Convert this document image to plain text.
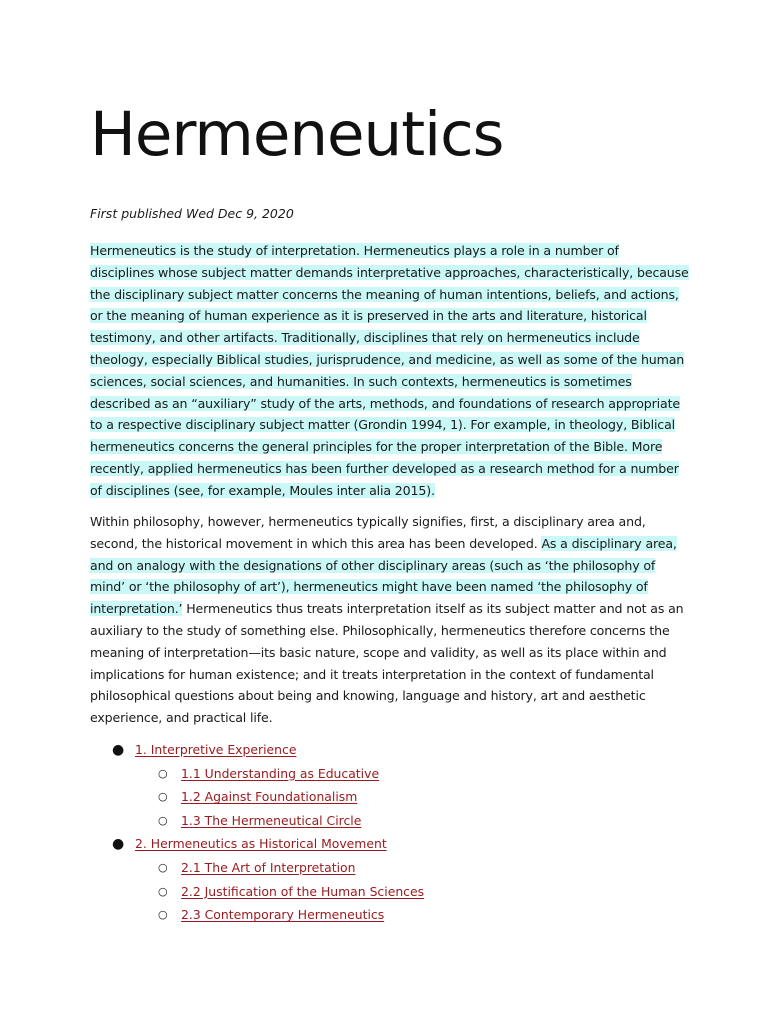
Hermeneutics

First published Wed Dec 9, 2020

Hermeneutics is the study of interpretation. Hermeneutics plays a role in a number of
disciplines whose subject matter demands interpretative approaches, characteristically, because
the disciplinary subject matter concerns the meaning of human intentions, beliefs, and actions,
or the meaning of human experience as it is preserved in the arts and literature, historical
testimony, and other artifacts. Traditionally, disciplines that rely on hermeneutics include
theology, especially Biblical studies, jurisprudence, and medicine, as well as some of the human
sciences, social sciences, and humanities. In such contexts, hermeneutics is sometimes
described as an “auxiliary” study of the arts, methods, and foundations of research appropriate
to a respective disciplinary subject matter (Grondin 1994, 1). For example, in theology, Biblical
hermeneutics concerns the general principles for the proper interpretation of the Bible. More
recently, applied hermeneutics has been further developed as a research method for a number
of disciplines (see, for example, Moules inter alia 2015).
Within philosophy, however, hermeneutics typically signifies, first, a disciplinary area and,
second, the historical movement in which this area has been developed. As a disciplinary area,
and on analogy with the designations of other disciplinary areas (such as ‘the philosophy of
mind’ or ‘the philosophy of art’), hermeneutics might have been named ‘the philosophy of
interpretation.’ Hermeneutics thus treats interpretation itself as its subject matter and not as an
auxiliary to the study of something else. Philosophically, hermeneutics therefore concerns the
meaning of interpretation—its basic nature, scope and validity, as well as its place within and
implications for human existence; and it treats interpretation in the context of fundamental
philosophical questions about being and knowing, language and history, art and aesthetic
experience, and practical life.
● 1. Interpretive Experience
○ 1.1 Understanding as Educative
○ 1.2 Against Foundationalism
○ 1.3 The Hermeneutical Circle
● 2. Hermeneutics as Historical Movement
○ 2.1 The Art of Interpretation
○ 2.2 Justification of the Human Sciences
○ 2.3 Contemporary Hermeneutics
